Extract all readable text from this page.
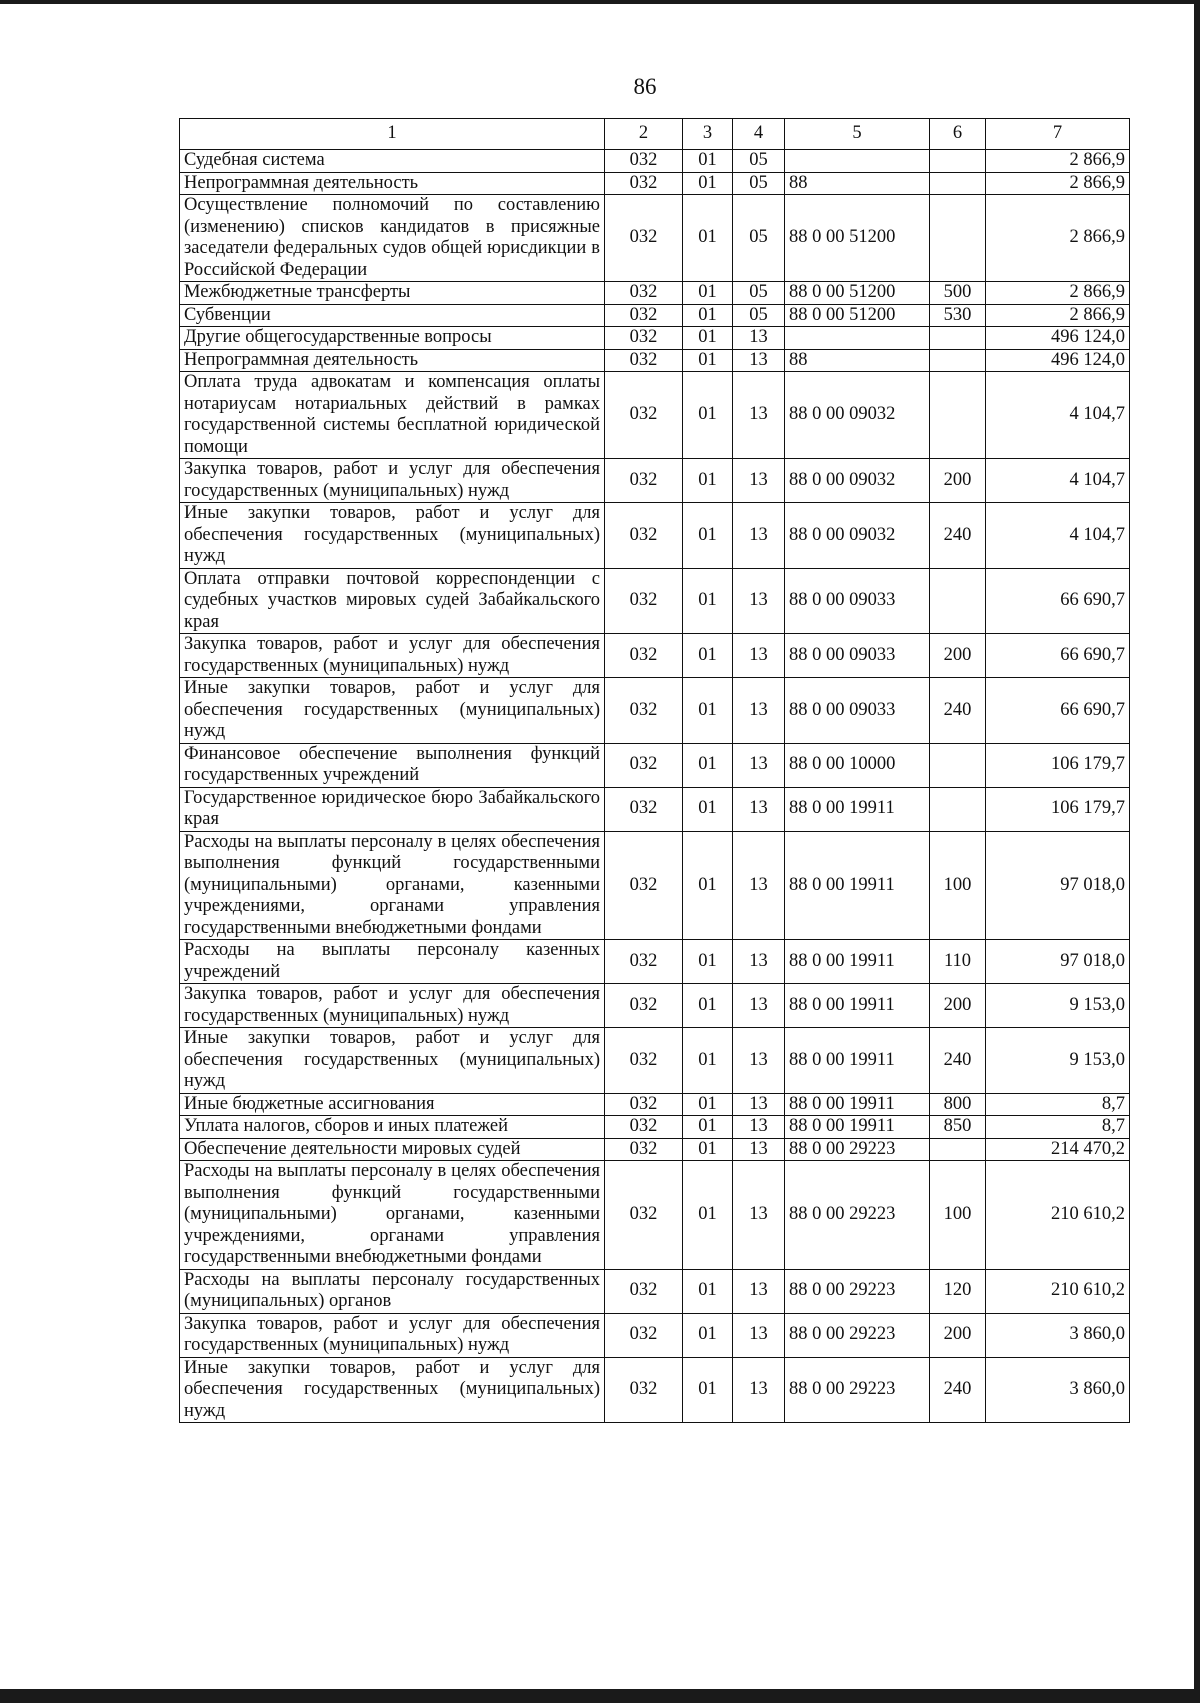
86
1	2	3	4	5	6	7
Судебная система	032	01	05			2 866,9
Непрограммная деятельность	032	01	05	88		2 866,9
Осуществление полномочий по составлению (изменению) списков кандидатов в присяжные заседатели федеральных судов общей юрисдикции в Российской Федерации	032	01	05	88 0 00 51200		2 866,9
Межбюджетные трансферты	032	01	05	88 0 00 51200	500	2 866,9
Субвенции	032	01	05	88 0 00 51200	530	2 866,9
Другие общегосударственные вопросы	032	01	13			496 124,0
Непрограммная деятельность	032	01	13	88		496 124,0
Оплата труда адвокатам и компенсация оплаты нотариусам нотариальных действий в рамках государственной системы бесплатной юридической помощи	032	01	13	88 0 00 09032		4 104,7
Закупка товаров, работ и услуг для обеспечения государственных (муниципальных) нужд	032	01	13	88 0 00 09032	200	4 104,7
Иные закупки товаров, работ и услуг для обеспечения государственных (муниципальных) нужд	032	01	13	88 0 00 09032	240	4 104,7
Оплата отправки почтовой корреспонденции с судебных участков мировых судей Забайкальского края	032	01	13	88 0 00 09033		66 690,7
Закупка товаров, работ и услуг для обеспечения государственных (муниципальных) нужд	032	01	13	88 0 00 09033	200	66 690,7
Иные закупки товаров, работ и услуг для обеспечения государственных (муниципальных) нужд	032	01	13	88 0 00 09033	240	66 690,7
Финансовое обеспечение выполнения функций государственных учреждений	032	01	13	88 0 00 10000		106 179,7
Государственное юридическое бюро Забайкальского края	032	01	13	88 0 00 19911		106 179,7
Расходы на выплаты персоналу в целях обеспечения выполнения функций государственными (муниципальными) органами, казенными учреждениями, органами управления государственными внебюджетными фондами	032	01	13	88 0 00 19911	100	97 018,0
Расходы на выплаты персоналу казенных учреждений	032	01	13	88 0 00 19911	110	97 018,0
Закупка товаров, работ и услуг для обеспечения государственных (муниципальных) нужд	032	01	13	88 0 00 19911	200	9 153,0
Иные закупки товаров, работ и услуг для обеспечения государственных (муниципальных) нужд	032	01	13	88 0 00 19911	240	9 153,0
Иные бюджетные ассигнования	032	01	13	88 0 00 19911	800	8,7
Уплата налогов, сборов и иных платежей	032	01	13	88 0 00 19911	850	8,7
Обеспечение деятельности мировых судей	032	01	13	88 0 00 29223		214 470,2
Расходы на выплаты персоналу в целях обеспечения выполнения функций государственными (муниципальными) органами, казенными учреждениями, органами управления государственными внебюджетными фондами	032	01	13	88 0 00 29223	100	210 610,2
Расходы на выплаты персоналу государственных (муниципальных) органов	032	01	13	88 0 00 29223	120	210 610,2
Закупка товаров, работ и услуг для обеспечения государственных (муниципальных) нужд	032	01	13	88 0 00 29223	200	3 860,0
Иные закупки товаров, работ и услуг для обеспечения государственных (муниципальных) нужд	032	01	13	88 0 00 29223	240	3 860,0
